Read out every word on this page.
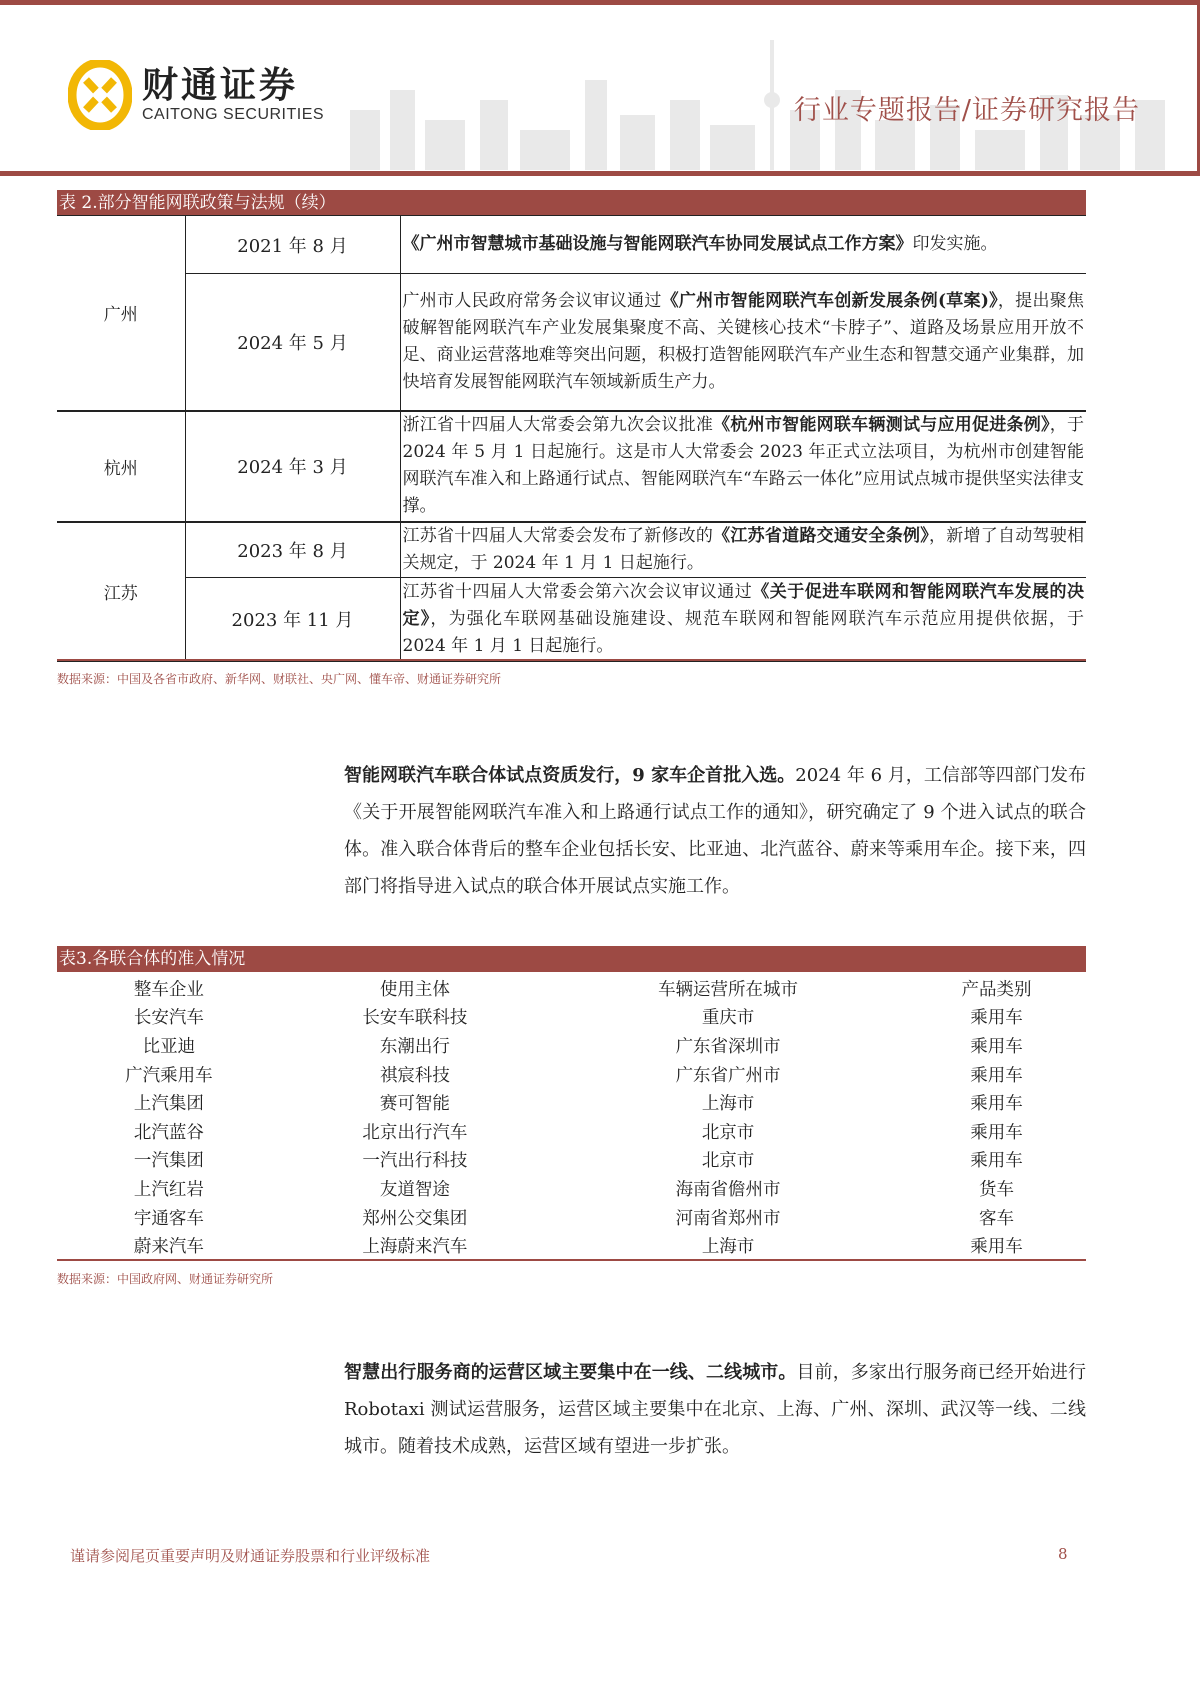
财通证券
CAITONG SECURITIES	行业专题报告/证券研究报告
表 2.部分智能网联政策与法规（续）
广州	2021 年 8 月	《广州市智慧城市基础设施与智能网联汽车协同发展试点工作方案》印发实施。
	2024 年 5 月	广州市人民政府常务会议审议通过《广州市智能网联汽车创新发展条例(草案)》，提出聚焦破解智能网联汽车产业发展集聚度不高、关键核心技术“卡脖子”、道路及场景应用开放不足、商业运营落地难等突出问题，积极打造智能网联汽车产业生态和智慧交通产业集群，加快培育发展智能网联汽车领域新质生产力。
杭州	2024 年 3 月	浙江省十四届人大常委会第九次会议批准《杭州市智能网联车辆测试与应用促进条例》，于 2024 年 5 月 1 日起施行。这是市人大常委会 2023 年正式立法项目，为杭州市创建智能网联汽车准入和上路通行试点、智能网联汽车“车路云一体化”应用试点城市提供坚实法律支撑。
江苏	2023 年 8 月	江苏省十四届人大常委会发布了新修改的《江苏省道路交通安全条例》，新增了自动驾驶相关规定，于 2024 年 1 月 1 日起施行。
	2023 年 11 月	江苏省十四届人大常委会第六次会议审议通过《关于促进车联网和智能网联汽车发展的决定》，为强化车联网基础设施建设、规范车联网和智能网联汽车示范应用提供依据，于 2024 年 1 月 1 日起施行。
数据来源：中国及各省市政府、新华网、财联社、央广网、懂车帝、财通证券研究所
智能网联汽车联合体试点资质发行，9 家车企首批入选。2024 年 6 月，工信部等四部门发布《关于开展智能网联汽车准入和上路通行试点工作的通知》，研究确定了 9 个进入试点的联合体。准入联合体背后的整车企业包括长安、比亚迪、北汽蓝谷、蔚来等乘用车企。接下来，四部门将指导进入试点的联合体开展试点实施工作。
表3.各联合体的准入情况
整车企业	使用主体	车辆运营所在城市	产品类别
长安汽车	长安车联科技	重庆市	乘用车
比亚迪	东潮出行	广东省深圳市	乘用车
广汽乘用车	祺宸科技	广东省广州市	乘用车
上汽集团	赛可智能	上海市	乘用车
北汽蓝谷	北京出行汽车	北京市	乘用车
一汽集团	一汽出行科技	北京市	乘用车
上汽红岩	友道智途	海南省儋州市	货车
宇通客车	郑州公交集团	河南省郑州市	客车
蔚来汽车	上海蔚来汽车	上海市	乘用车
数据来源：中国政府网、财通证券研究所
智慧出行服务商的运营区域主要集中在一线、二线城市。目前，多家出行服务商已经开始进行 Robotaxi 测试运营服务，运营区域主要集中在北京、上海、广州、深圳、武汉等一线、二线城市。随着技术成熟，运营区域有望进一步扩张。
谨请参阅尾页重要声明及财通证券股票和行业评级标准	8
